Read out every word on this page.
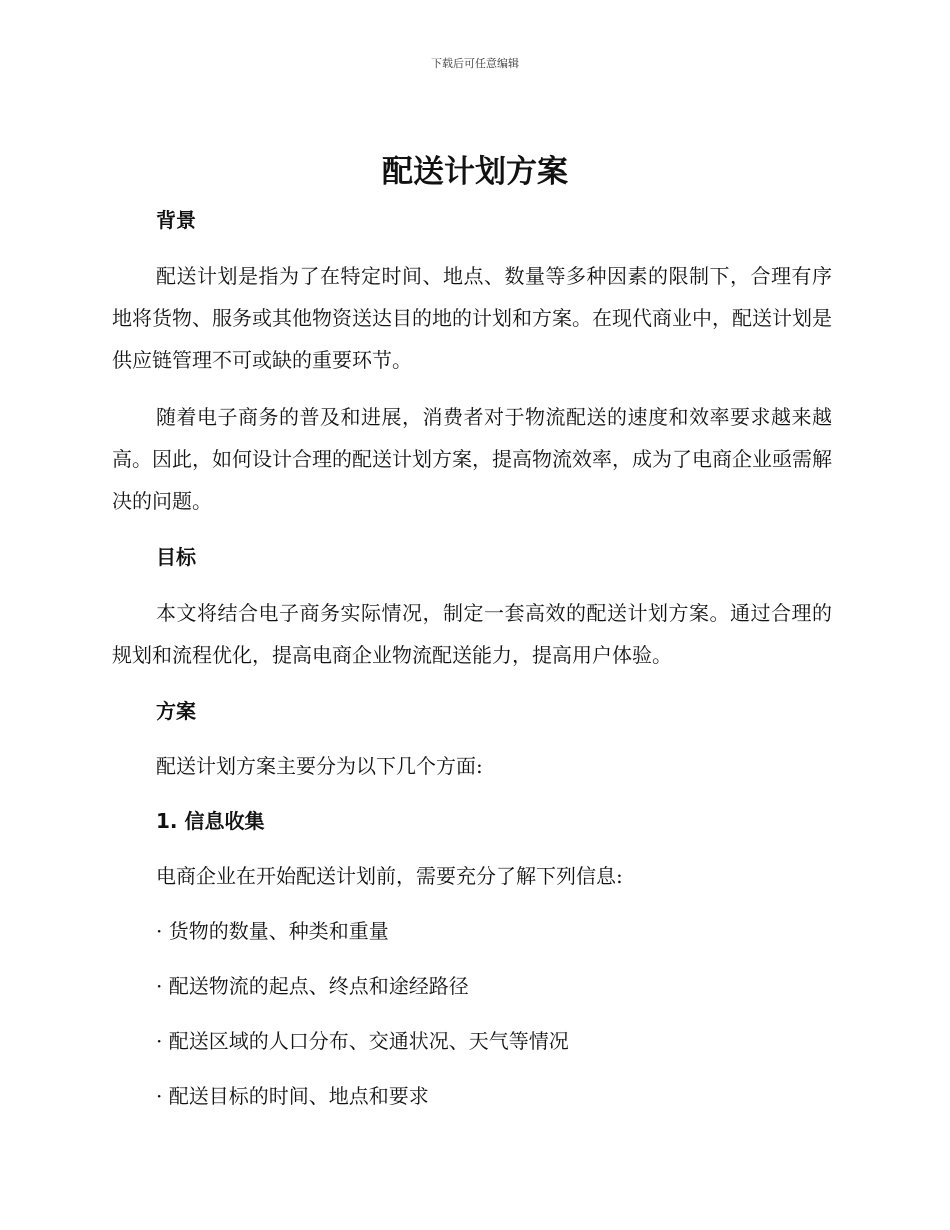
下载后可任意编辑
配送计划方案
背景

配送计划是指为了在特定时间、地点、数量等多种因素的限制下，合理有序地将货物、服务或其他物资送达目的地的计划和方案。在现代商业中，配送计划是供应链管理不可或缺的重要环节。

随着电子商务的普及和进展，消费者对于物流配送的速度和效率要求越来越高。因此，如何设计合理的配送计划方案，提高物流效率，成为了电商企业亟需解决的问题。

目标

本文将结合电子商务实际情况，制定一套高效的配送计划方案。通过合理的规划和流程优化，提高电商企业物流配送能力，提高用户体验。

方案

配送计划方案主要分为以下几个方面:

1. 信息收集

电商企业在开始配送计划前，需要充分了解下列信息:

· 货物的数量、种类和重量

· 配送物流的起点、终点和途经路径

· 配送区域的人口分布、交通状况、天气等情况

· 配送目标的时间、地点和要求
